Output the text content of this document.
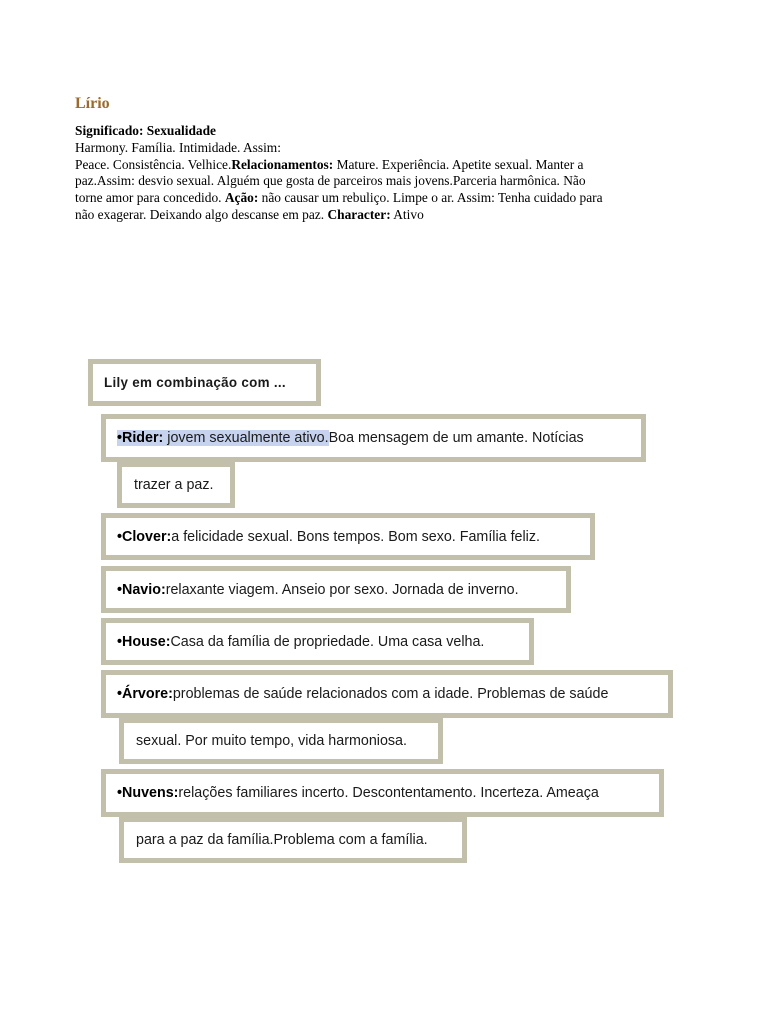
Lírio
Significado: Sexualidade
Harmony. Família. Intimidade. Assim:
Peace. Consistência. Velhice.Relacionamentos: Mature. Experiência. Apetite sexual. Manter a
paz.Assim: desvio sexual. Alguém que gosta de parceiros mais jovens.Parceria harmônica. Não
torne amor para concedido. Ação: não causar um rebuliço. Limpe o ar. Assim: Tenha cuidado para
não exagerar. Deixando algo descanse em paz. Character: Ativo
Lily em combinação com ...
•Rider: jovem sexualmente ativo. Boa mensagem de um amante. Notícias
trazer a paz.
•Clover: a felicidade sexual. Bons tempos. Bom sexo. Família feliz.
•Navio: relaxante viagem. Anseio por sexo. Jornada de inverno.
•House: Casa da família de propriedade. Uma casa velha.
•Árvore: problemas de saúde relacionados com a idade. Problemas de saúde
sexual. Por muito tempo, vida harmoniosa.
•Nuvens: relações familiares incerto. Descontentamento. Incerteza. Ameaça
para a paz da família.Problema com a família.
